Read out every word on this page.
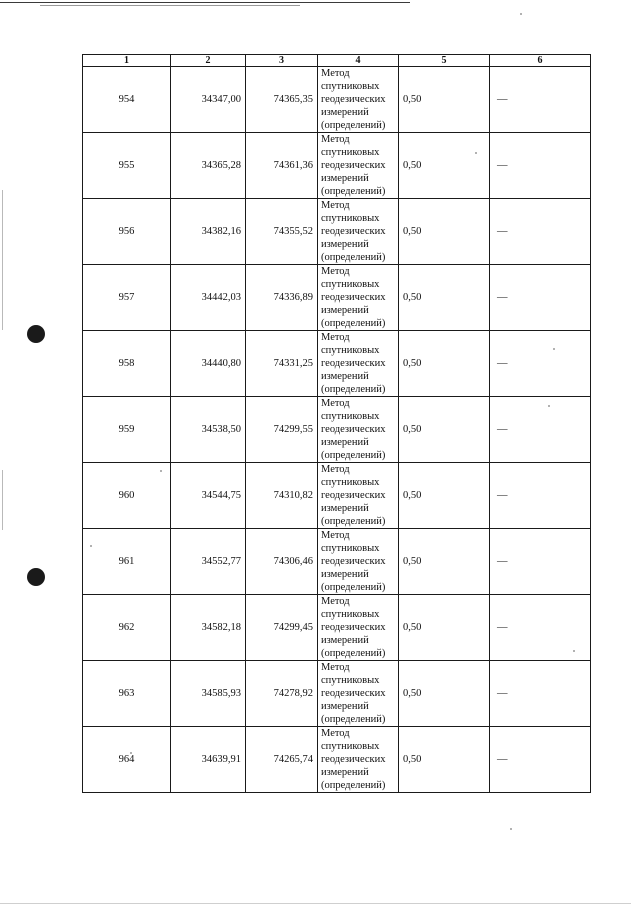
1	2	3	4	5	6
954	34347,00	74365,35	Метод
спутниковых
геодезических
измерений
(определений)	0,50	—
955	34365,28	74361,36	Метод
спутниковых
геодезических
измерений
(определений)	0,50	—
956	34382,16	74355,52	Метод
спутниковых
геодезических
измерений
(определений)	0,50	—
957	34442,03	74336,89	Метод
спутниковых
геодезических
измерений
(определений)	0,50	—
958	34440,80	74331,25	Метод
спутниковых
геодезических
измерений
(определений)	0,50	—
959	34538,50	74299,55	Метод
спутниковых
геодезических
измерений
(определений)	0,50	—
960	34544,75	74310,82	Метод
спутниковых
геодезических
измерений
(определений)	0,50	—
961	34552,77	74306,46	Метод
спутниковых
геодезических
измерений
(определений)	0,50	—
962	34582,18	74299,45	Метод
спутниковых
геодезических
измерений
(определений)	0,50	—
963	34585,93	74278,92	Метод
спутниковых
геодезических
измерений
(определений)	0,50	—
964	34639,91	74265,74	Метод
спутниковых
геодезических
измерений
(определений)	0,50	—
